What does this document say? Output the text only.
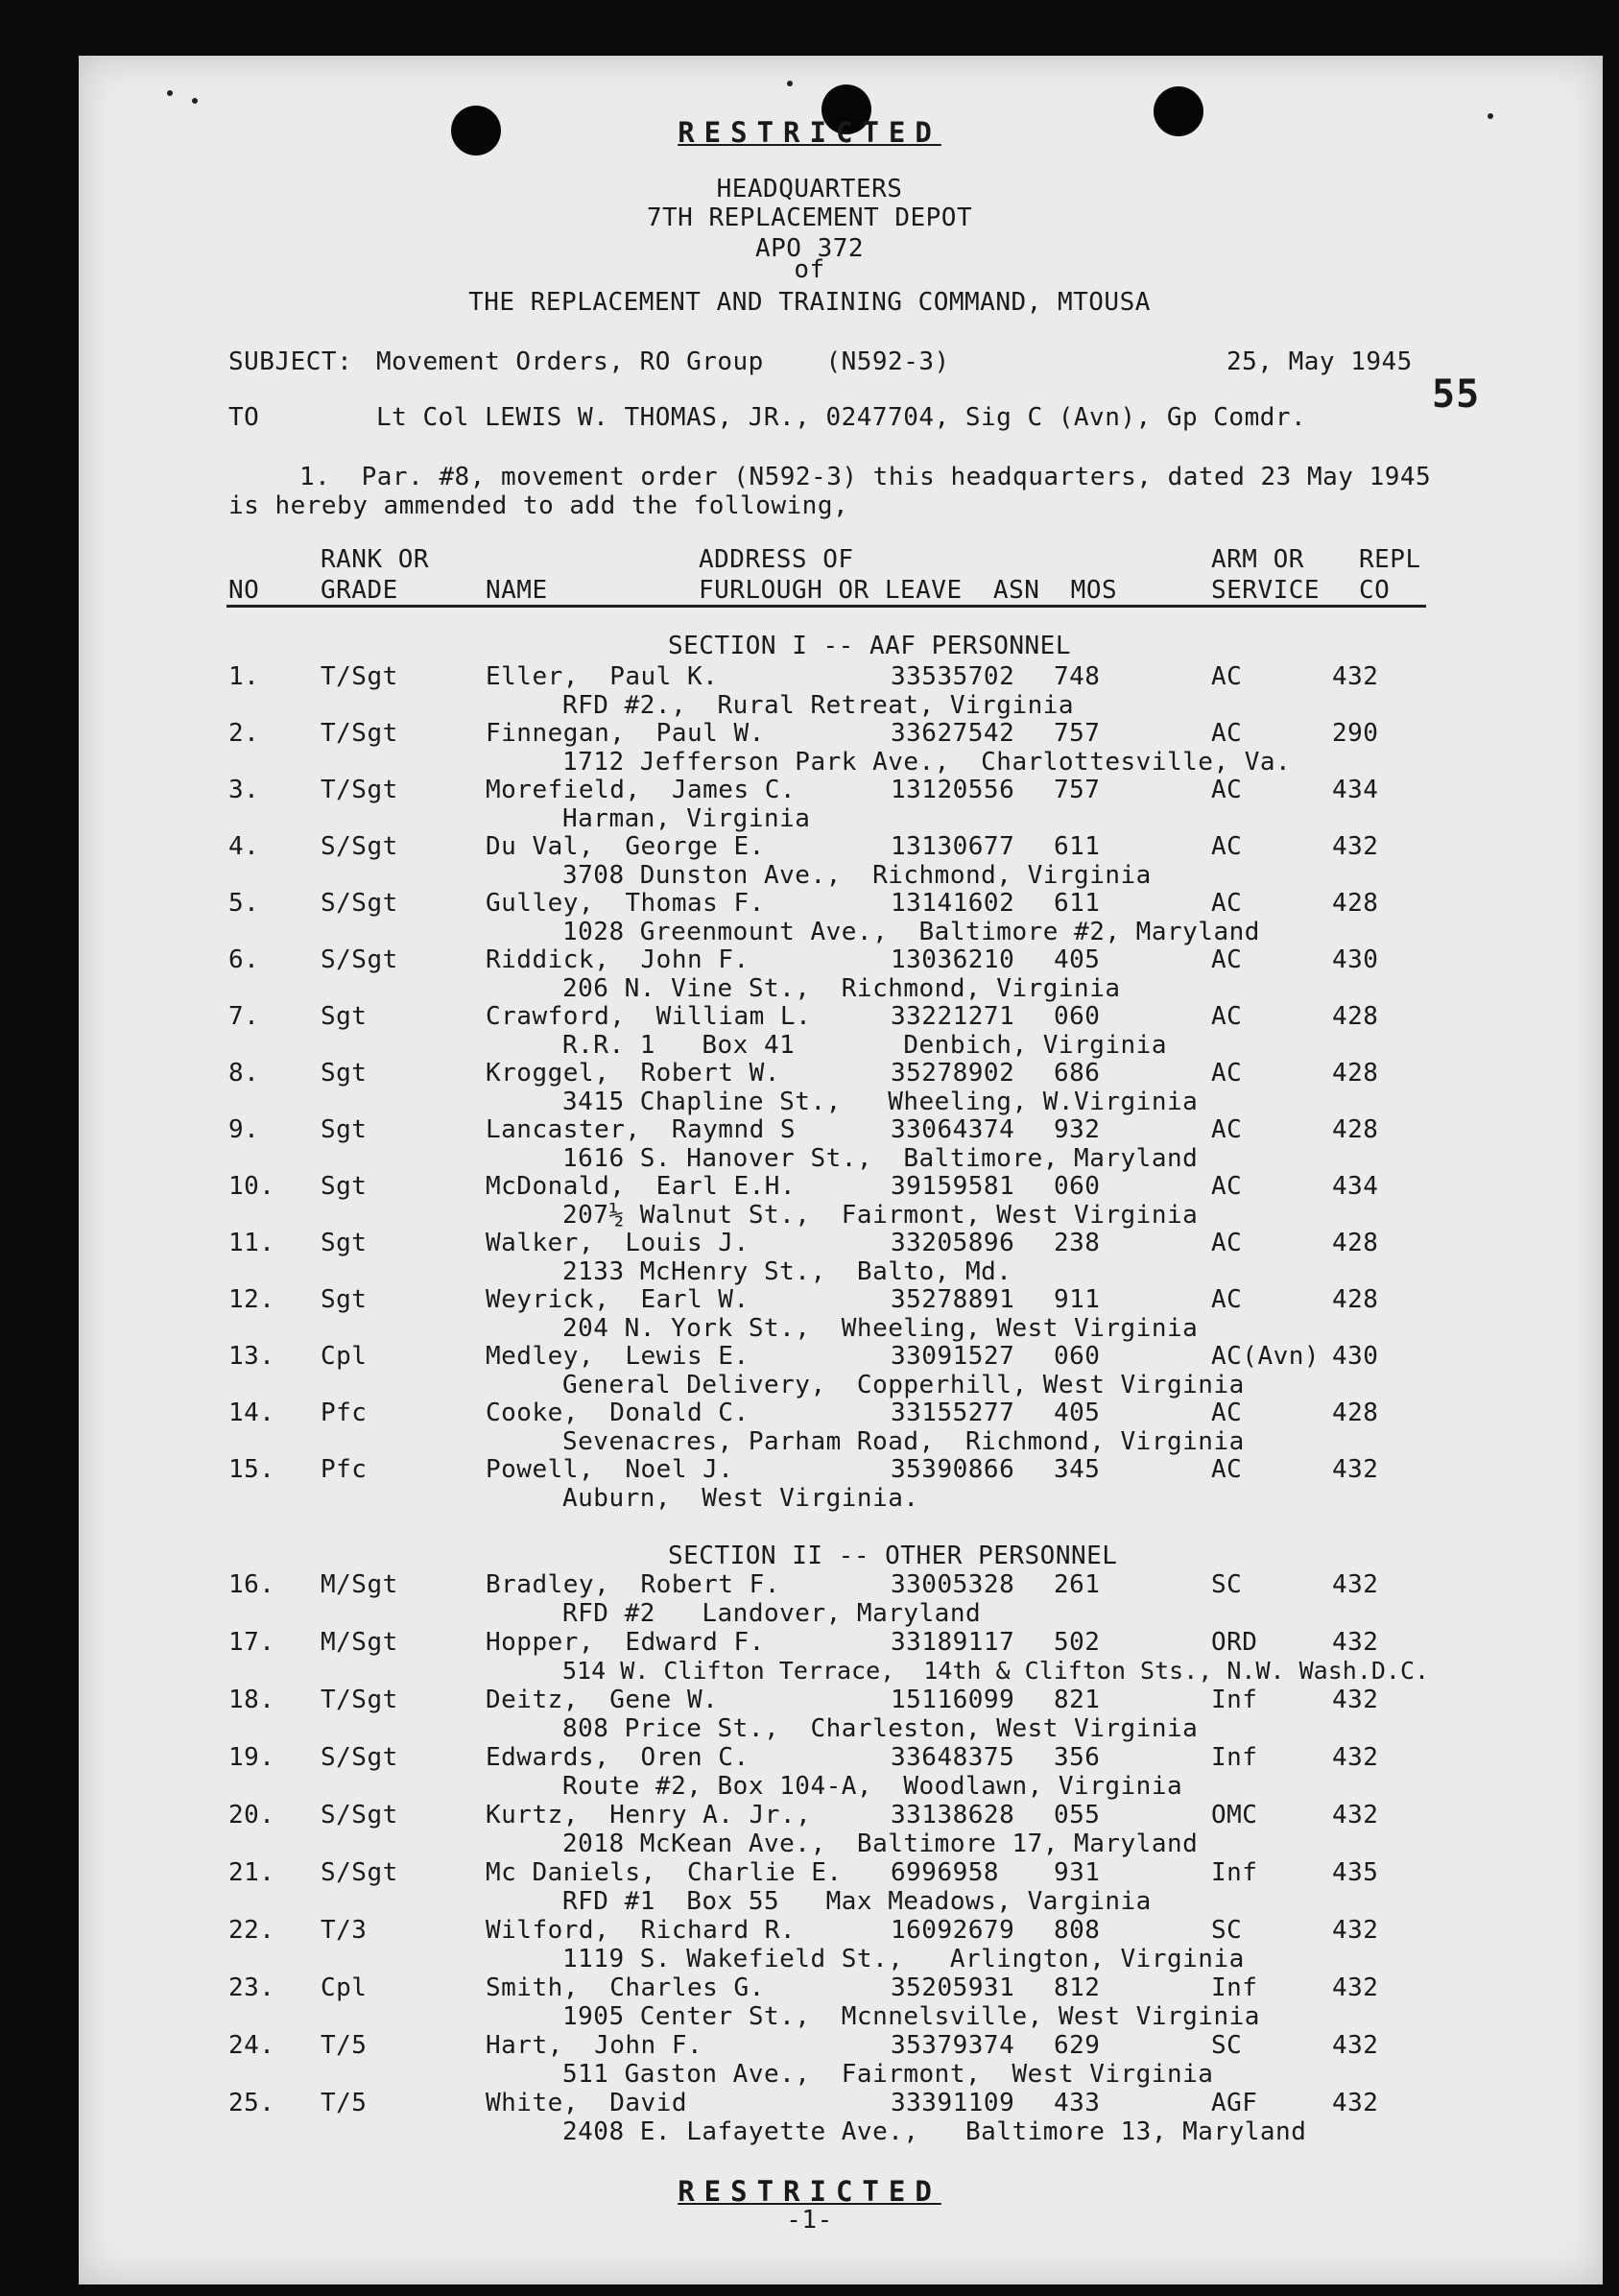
RESTRICTED
HEADQUARTERS
7TH REPLACEMENT DEPOT
APO 372
of
THE REPLACEMENT AND TRAINING COMMAND, MTOUSA
55
SUBJECT: Movement Orders, RO Group    (N592-3)	25, May 1945
TO	Lt Col LEWIS W. THOMAS, JR., 0247704, Sig C (Avn), Gp Comdr.
1.  Par. #8, movement order (N592-3) this headquarters, dated 23 May 1945
is hereby ammended to add the following,
NO
RANK OR
GRADE	NAME
ADDRESS OF
FURLOUGH OR LEAVE  ASN  MOS
ARM OR
SERVICE
REPL
CO
SECTION I -- AAF PERSONNEL
1. T/Sgt	Eller,  Paul K.	33535702 748	AC	432
RFD #2.,  Rural Retreat, Virginia
2. T/Sgt	Finnegan,  Paul W.	33627542 757	AC	290
1712 Jefferson Park Ave.,  Charlottesville, Va.
3. T/Sgt	Morefield,  James C.	13120556 757	AC	434
Harman, Virginia
4. S/Sgt	Du Val,  George E.	13130677 611	AC	432
3708 Dunston Ave.,  Richmond, Virginia
5. S/Sgt	Gulley,  Thomas F.	13141602 611	AC	428
1028 Greenmount Ave.,  Baltimore #2, Maryland
6. S/Sgt	Riddick,  John F.	13036210 405	AC	430
206 N. Vine St.,  Richmond, Virginia
7. Sgt	Crawford,  William L.	33221271 060	AC	428
R.R. 1   Box 41       Denbich, Virginia
8. Sgt	Kroggel,  Robert W.	35278902 686	AC	428
3415 Chapline St.,   Wheeling, W.Virginia
9. Sgt	Lancaster,  Raymnd S	33064374 932	AC	428
1616 S. Hanover St.,  Baltimore, Maryland
10. Sgt	McDonald,  Earl E.H.	39159581 060	AC	434
207½ Walnut St.,  Fairmont, West Virginia
11. Sgt	Walker,  Louis J.	33205896 238	AC	428
2133 McHenry St.,  Balto, Md.
12. Sgt	Weyrick,  Earl W.	35278891 911	AC	428
204 N. York St.,  Wheeling, West Virginia
13. Cpl	Medley,  Lewis E.	33091527 060	AC(Avn) 430
General Delivery,  Copperhill, West Virginia
14. Pfc	Cooke,  Donald C.	33155277 405	AC	428
Sevenacres, Parham Road,  Richmond, Virginia
15. Pfc	Powell,  Noel J.	35390866 345	AC	432
Auburn,  West Virginia.
SECTION II -- OTHER PERSONNEL
16. M/Sgt	Bradley,  Robert F.	33005328 261	SC	432
RFD #2   Landover, Maryland
17. M/Sgt	Hopper,  Edward F.	33189117 502	ORD	432
514 W. Clifton Terrace,  14th & Clifton Sts., N.W. Wash.D.C.
18. T/Sgt	Deitz,  Gene W.	15116099 821	Inf	432
808 Price St.,  Charleston, West Virginia
19. S/Sgt	Edwards,  Oren C.	33648375 356	Inf	432
Route #2, Box 104-A,  Woodlawn, Virginia
20. S/Sgt	Kurtz,  Henry A. Jr.,	33138628 055	OMC	432
2018 McKean Ave.,  Baltimore 17, Maryland
21. S/Sgt	Mc Daniels,  Charlie E. 6996958 931	Inf	435
RFD #1  Box 55   Max Meadows, Varginia
22. T/3	Wilford,  Richard R.	16092679 808	SC	432
1119 S. Wakefield St.,   Arlington, Virginia
23. Cpl	Smith,  Charles G.	35205931 812	Inf	432
1905 Center St.,  Mcnnelsville, West Virginia
24. T/5	Hart,  John F.	35379374 629	SC	432
511 Gaston Ave.,  Fairmont,  West Virginia
25. T/5	White,  David	33391109 433	AGF	432
2408 E. Lafayette Ave.,   Baltimore 13, Maryland
RESTRICTED
-1-
